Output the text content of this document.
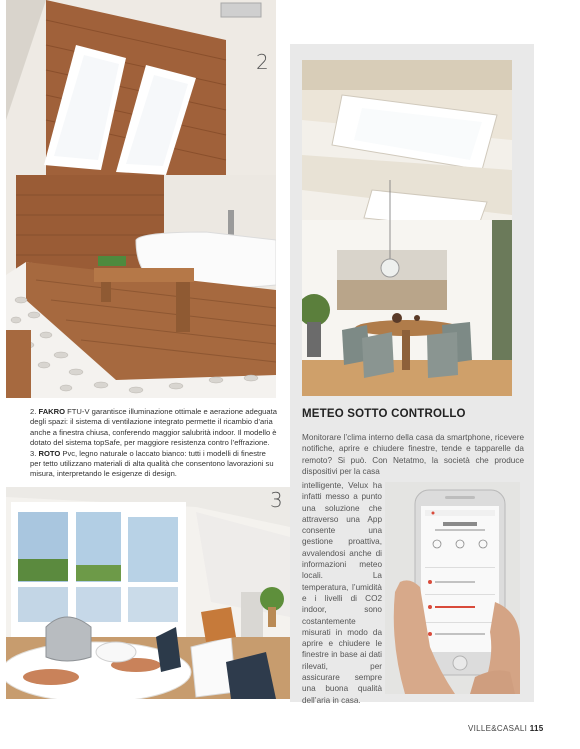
2
2. FAKRO FTU-V garantisce illuminazione ottimale e aerazione adeguata degli spazi: il sistema di ventilazione integrato permette il ricambio d’aria anche a finestra chiusa, conferendo maggior salubrità indoor. Il modello è dotato del sistema topSafe, per maggiore resistenza contro l’effrazione. 3. ROTO Pvc, legno naturale o laccato bianco: tutti i modelli di finestre per tetto utilizzano materiali di alta qualità che consentono lavorazioni su misura, interpretando le esigenze di design.
3
METEO SOTTO CONTROLLO
Monitorare l’clima interno della casa da smartphone, ricevere notifiche, aprire e chiudere finestre, tende e tapparelle da remoto? Si può. Con Netatmo, la società che produce dispositivi per la casa
intelligente, Velux ha infatti messo a punto una soluzione che attraverso una App consente una gestione proattiva, avvalendosi anche di informazioni meteo locali. La temperatura, l’umidità e i livelli di CO2 indoor, sono costantemente misurati in modo da aprire e chiudere le finestre in base ai dati rilevati, per assicurare sempre una buona qualità dell’aria in casa.
VILLE&CASALI 115
